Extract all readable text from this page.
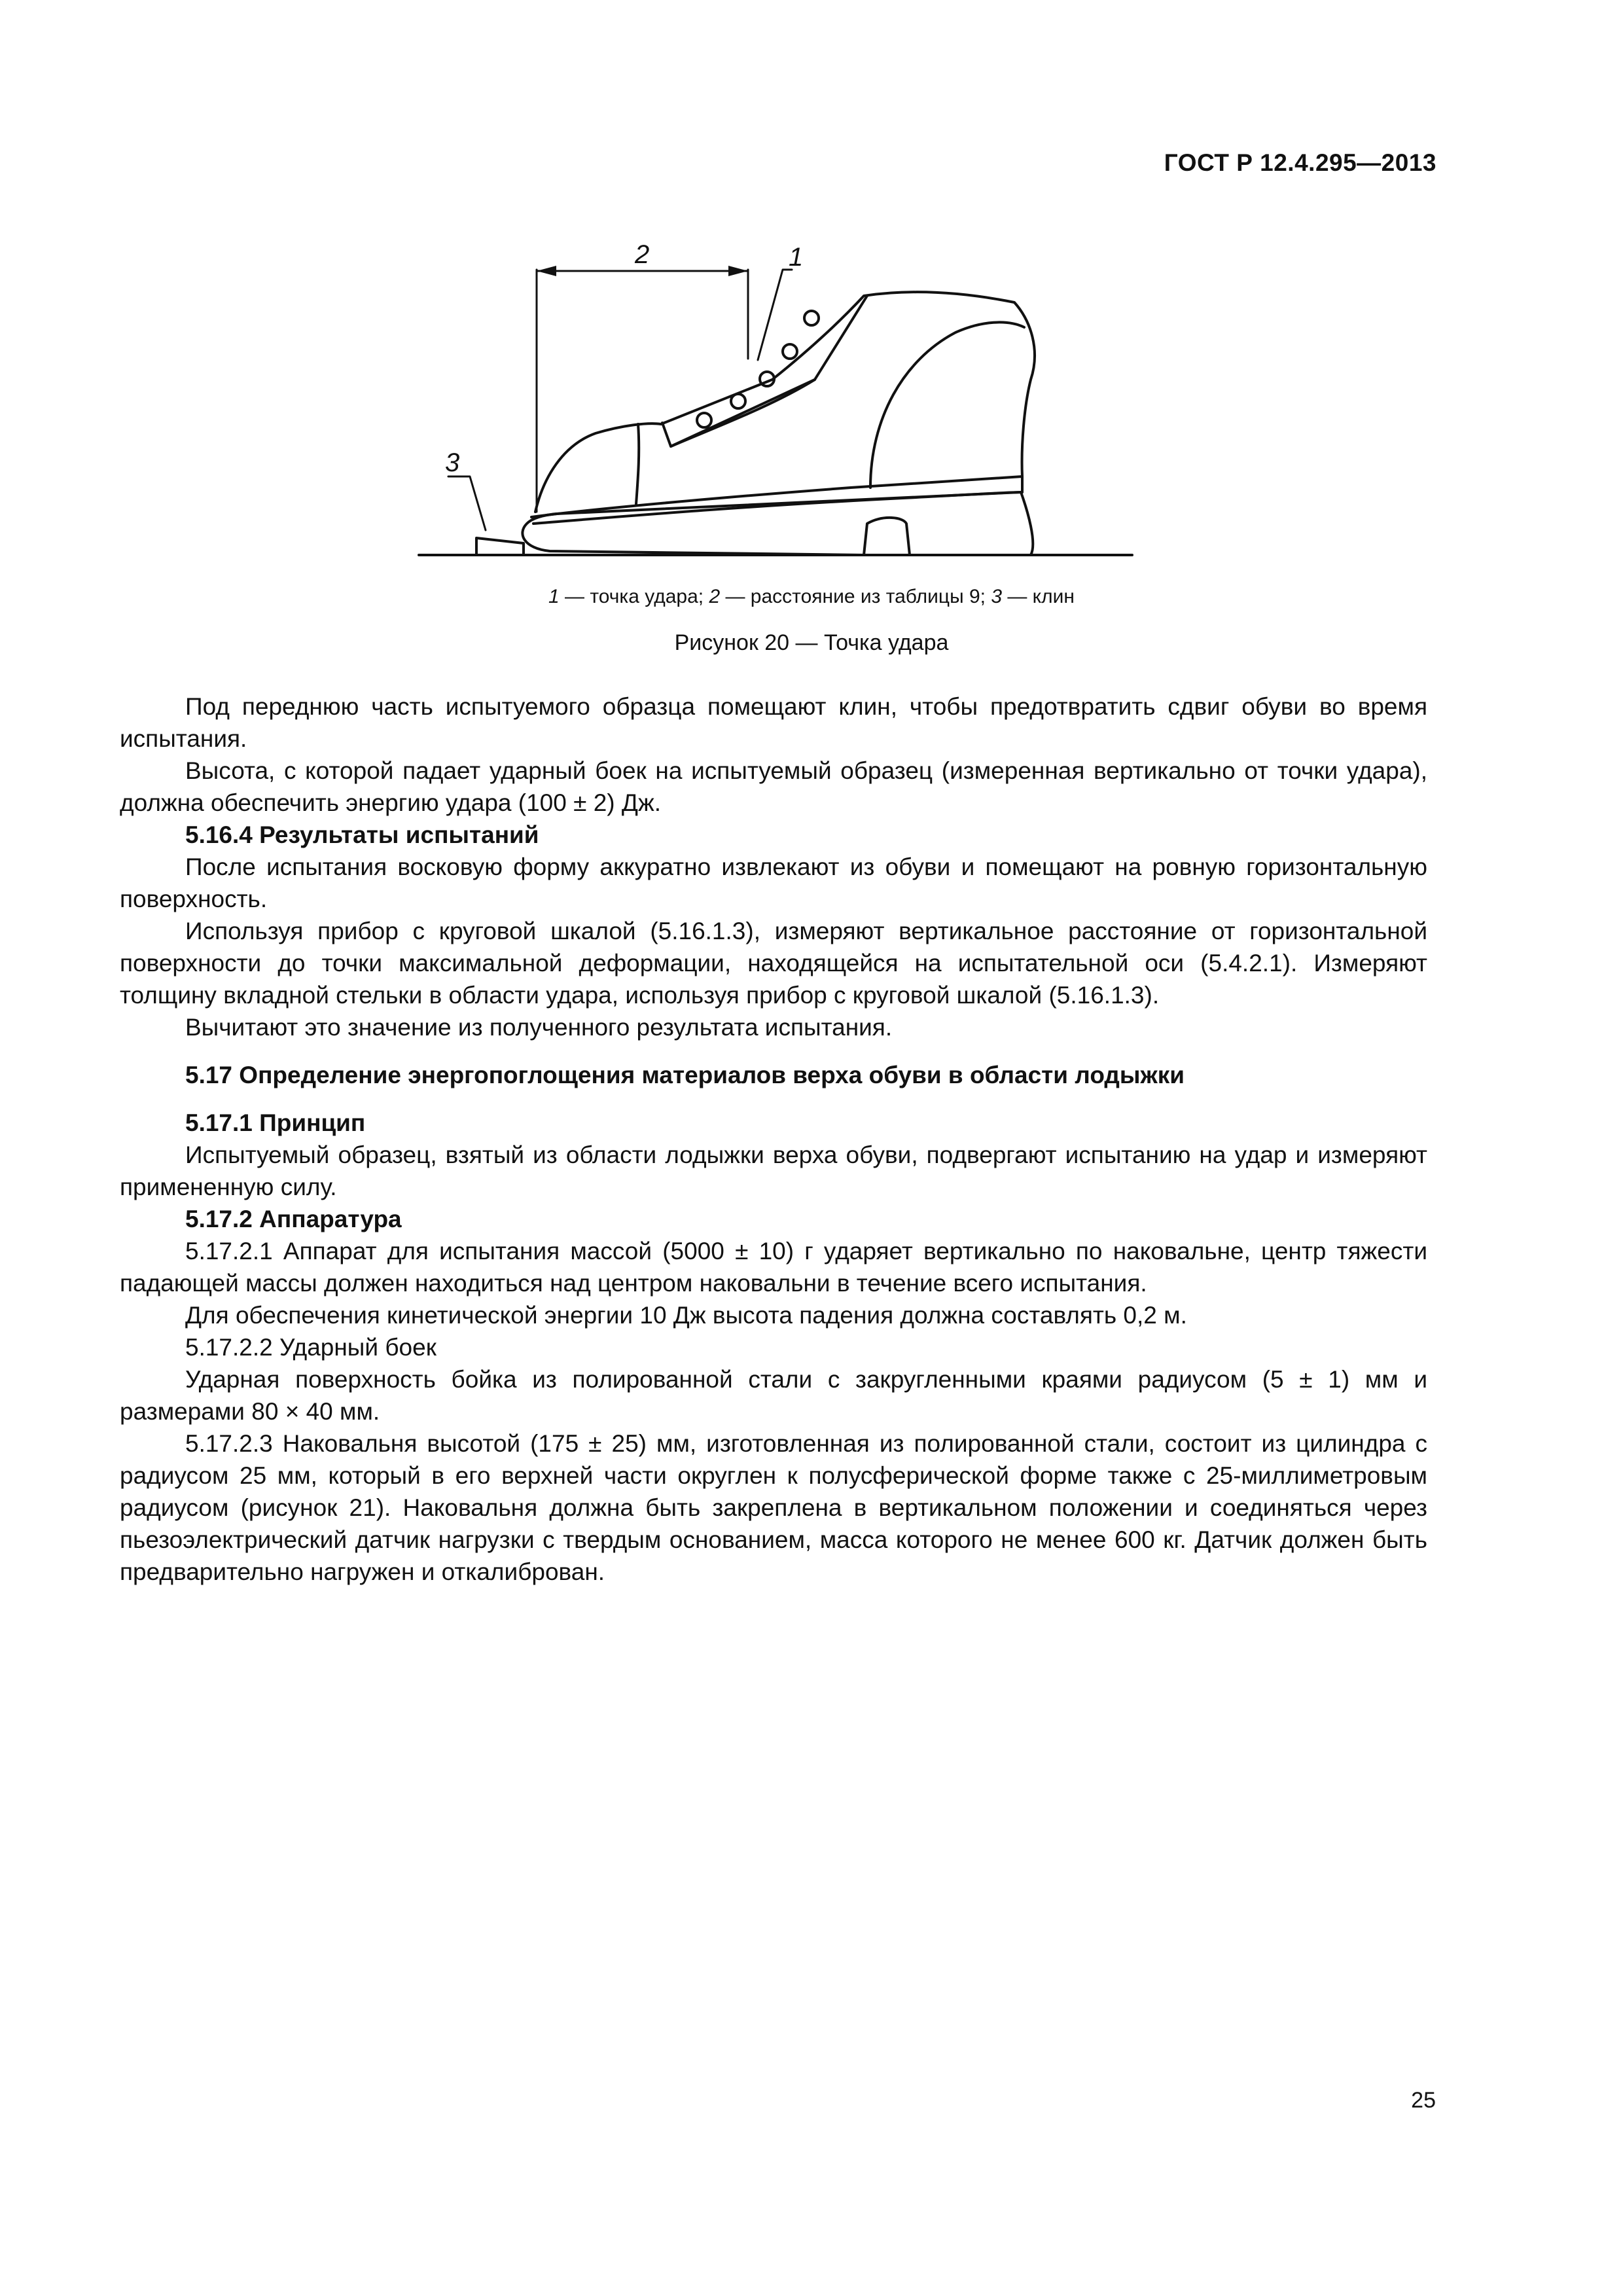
ГОСТ Р 12.4.295—2013
2	1
3
1 — точка удара; 2 — расстояние из таблицы 9; 3 — клин
Рисунок 20 — Точка удара

Под переднюю часть испытуемого образца помещают клин, чтобы предотвратить сдвиг обуви во время испытания.

Высота, с которой падает ударный боек на испытуемый образец (измеренная вертикально от точки удара), должна обеспечить энергию удара (100 ± 2) Дж.

5.16.4 Результаты испытаний

После испытания восковую форму аккуратно извлекают из обуви и помещают на ровную горизонтальную поверхность.

Используя прибор с круговой шкалой (5.16.1.3), измеряют вертикальное расстояние от горизонтальной поверхности до точки максимальной деформации, находящейся на испытательной оси (5.4.2.1). Измеряют толщину вкладной стельки в области удара, используя прибор с круговой шкалой (5.16.1.3).

Вычитают это значение из полученного результата испытания.

5.17 Определение энергопоглощения материалов верха обуви в области лодыжки

5.17.1 Принцип

Испытуемый образец, взятый из области лодыжки верха обуви, подвергают испытанию на удар и измеряют примененную силу.

5.17.2 Аппаратура

5.17.2.1 Аппарат для испытания массой (5000 ± 10) г ударяет вертикально по наковальне, центр тяжести падающей массы должен находиться над центром наковальни в течение всего испытания.

Для обеспечения кинетической энергии 10 Дж высота падения должна составлять 0,2 м.

5.17.2.2 Ударный боек

Ударная поверхность бойка из полированной стали с закругленными краями радиусом (5 ± 1) мм и размерами 80 × 40 мм.

5.17.2.3 Наковальня высотой (175 ± 25) мм, изготовленная из полированной стали, состоит из цилиндра с радиусом 25 мм, который в его верхней части округлен к полусферической форме также с 25-миллиметровым радиусом (рисунок 21). Наковальня должна быть закреплена в вертикальном положении и соединяться через пьезоэлектрический датчик нагрузки с твердым основанием, масса которого не менее 600 кг. Датчик должен быть предварительно нагружен и откалиброван.

25
